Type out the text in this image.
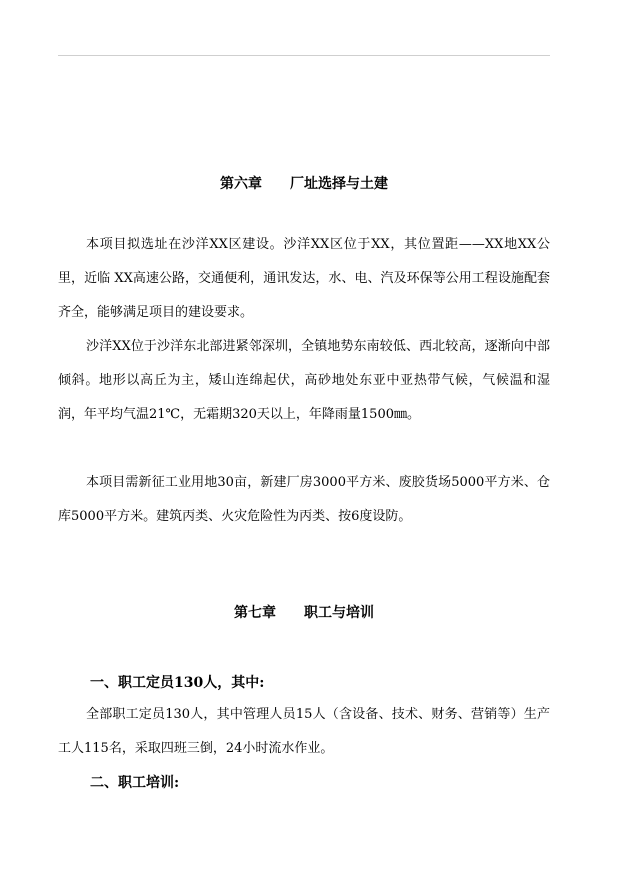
第六章　　厂址选择与土建

本项目拟选址在沙洋XX区建设。沙洋XX区位于XX，其位置距——XX地XX公里，近临 XX高速公路，交通便利，通讯发达，水、电、汽及环保等公用工程设施配套齐全，能够满足项目的建设要求。

沙洋XX位于沙洋东北部进紧邻深圳，全镇地势东南较低、西北较高，逐渐向中部倾斜。地形以高丘为主，矮山连绵起伏，高砂地处东亚中亚热带气候，气候温和湿润，年平均气温21℃，无霜期320天以上，年降雨量1500㎜。

本项目需新征工业用地30亩，新建厂房3000平方米、废胶货场5000平方米、仓库5000平方米。建筑丙类、火灾危险性为丙类、按6度设防。

第七章　　职工与培训
一、职工定员130人，其中:

全部职工定员130人，其中管理人员15人（含设备、技术、财务、营销等）生产工人115名，采取四班三倒，24小时流水作业。

二、职工培训:
